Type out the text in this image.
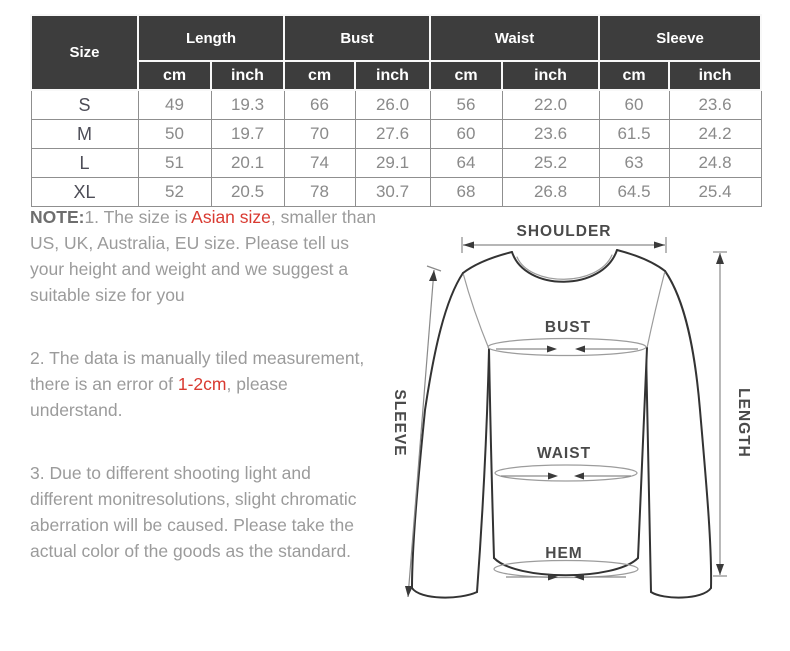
Size	Length		Bust		Waist		Sleeve	
	cm	inch	cm	inch	cm	inch	cm	inch
S	49	19.3	66	26.0	56	22.0	60	23.6
M	50	19.7	70	27.6	60	23.6	61.5	24.2
L	51	20.1	74	29.1	64	25.2	63	24.8
XL	52	20.5	78	30.7	68	26.8	64.5	25.4

NOTE:1. The size is Asian size, smaller than US, UK, Australia, EU size. Please tell us your height and weight and we suggest a suitable size for you

2. The data is manually tiled measurement, there is an error of 1-2cm, please understand.

3. Due to different shooting light and different monitresolutions, slight chromatic aberration will be caused. Please take the actual color of the goods as the standard.

SHOULDER
BUST
WAIST
HEM
SLEEVE	LENGTH
